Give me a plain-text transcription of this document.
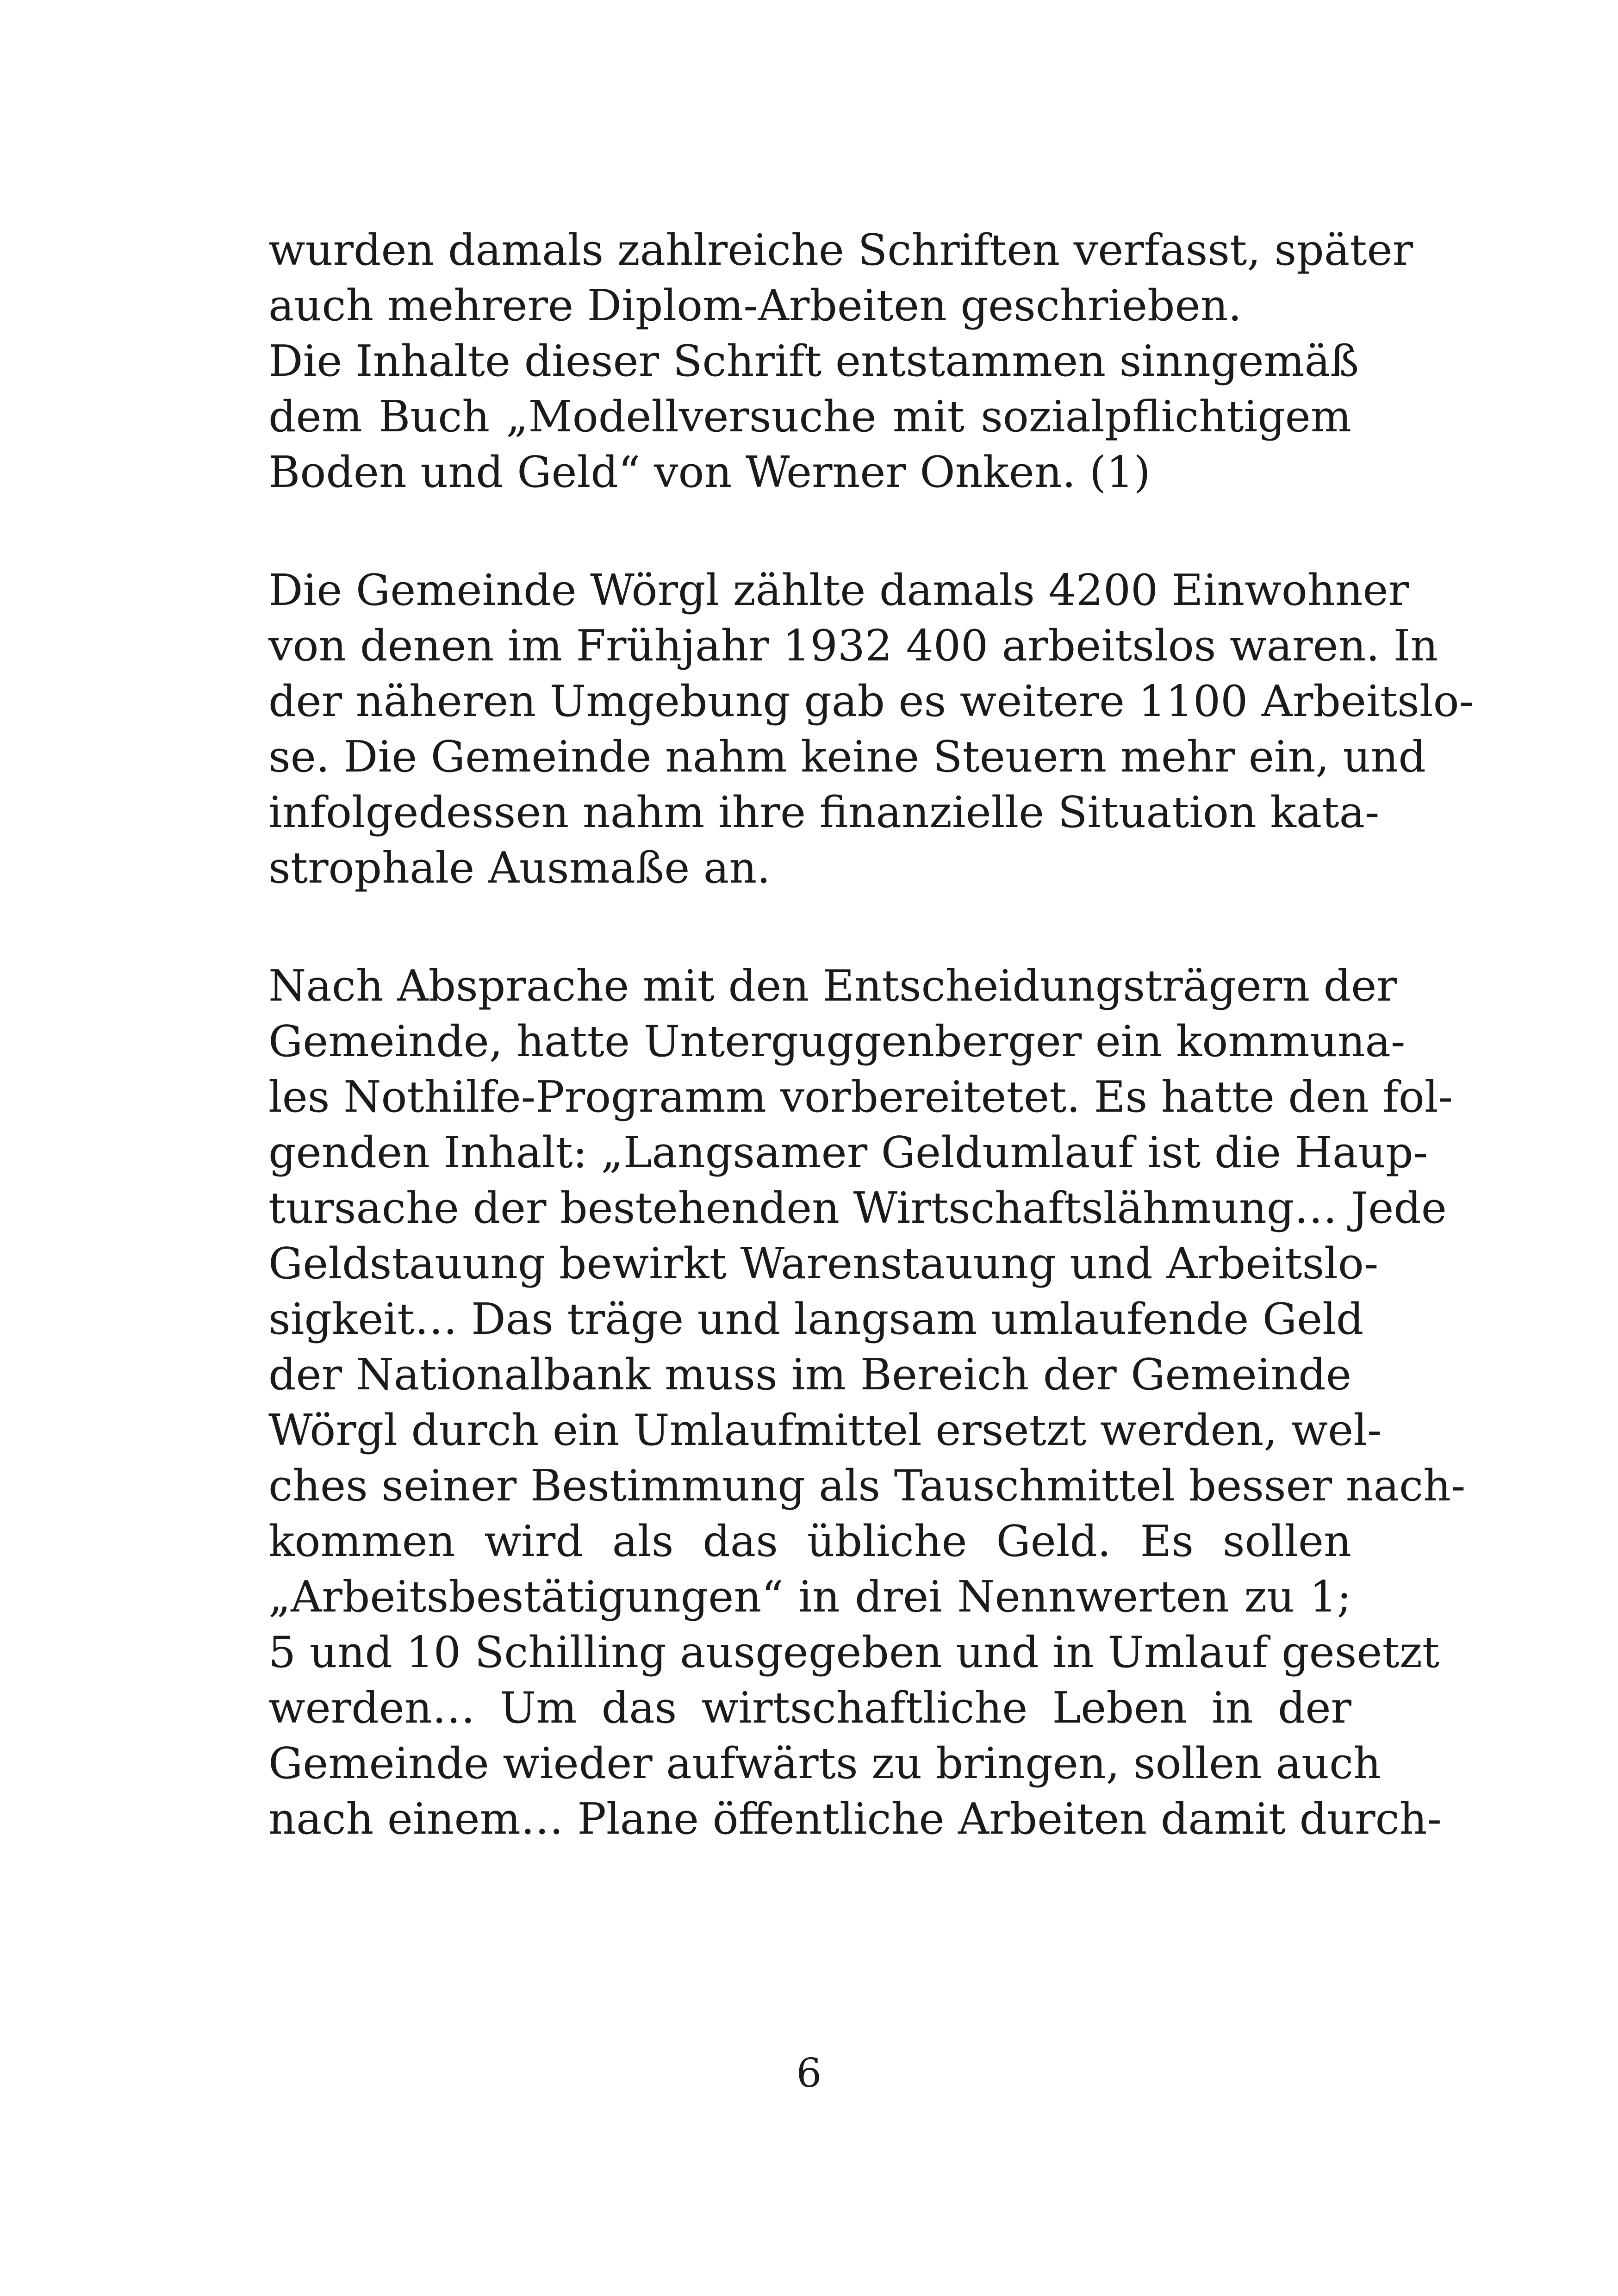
wurden damals zahlreiche Schriften verfasst, später
auch mehrere Diplom-Arbeiten geschrieben.
Die Inhalte dieser Schrift entstammen sinngemäß
dem Buch „Modellversuche mit sozialpflichtigem
Boden und Geld“ von Werner Onken. (1)
Die Gemeinde Wörgl zählte damals 4200 Einwohner
von denen im Frühjahr 1932 400 arbeitslos waren. In
der näheren Umgebung gab es weitere 1100 Arbeitslo-
se. Die Gemeinde nahm keine Steuern mehr ein, und
infolgedessen nahm ihre finanzielle Situation kata-
strophale Ausmaße an.
Nach Absprache mit den Entscheidungsträgern der
Gemeinde, hatte Unterguggenberger ein kommuna-
les Nothilfe-Programm vorbereitetet. Es hatte den fol-
genden Inhalt: „Langsamer Geldumlauf ist die Haup-
tursache der bestehenden Wirtschaftslähmung… Jede
Geldstauung bewirkt Warenstauung und Arbeitslo-
sigkeit… Das träge und langsam umlaufende Geld
der Nationalbank muss im Bereich der Gemeinde
Wörgl durch ein Umlaufmittel ersetzt werden, wel-
ches seiner Bestimmung als Tauschmittel besser nach-
kommen wird als das übliche Geld. Es sollen
„Arbeitsbestätigungen“ in drei Nennwerten zu 1;
5 und 10 Schilling ausgegeben und in Umlauf gesetzt
werden… Um das wirtschaftliche Leben in der
Gemeinde wieder aufwärts zu bringen, sollen auch
nach einem… Plane öffentliche Arbeiten damit durch-
6
